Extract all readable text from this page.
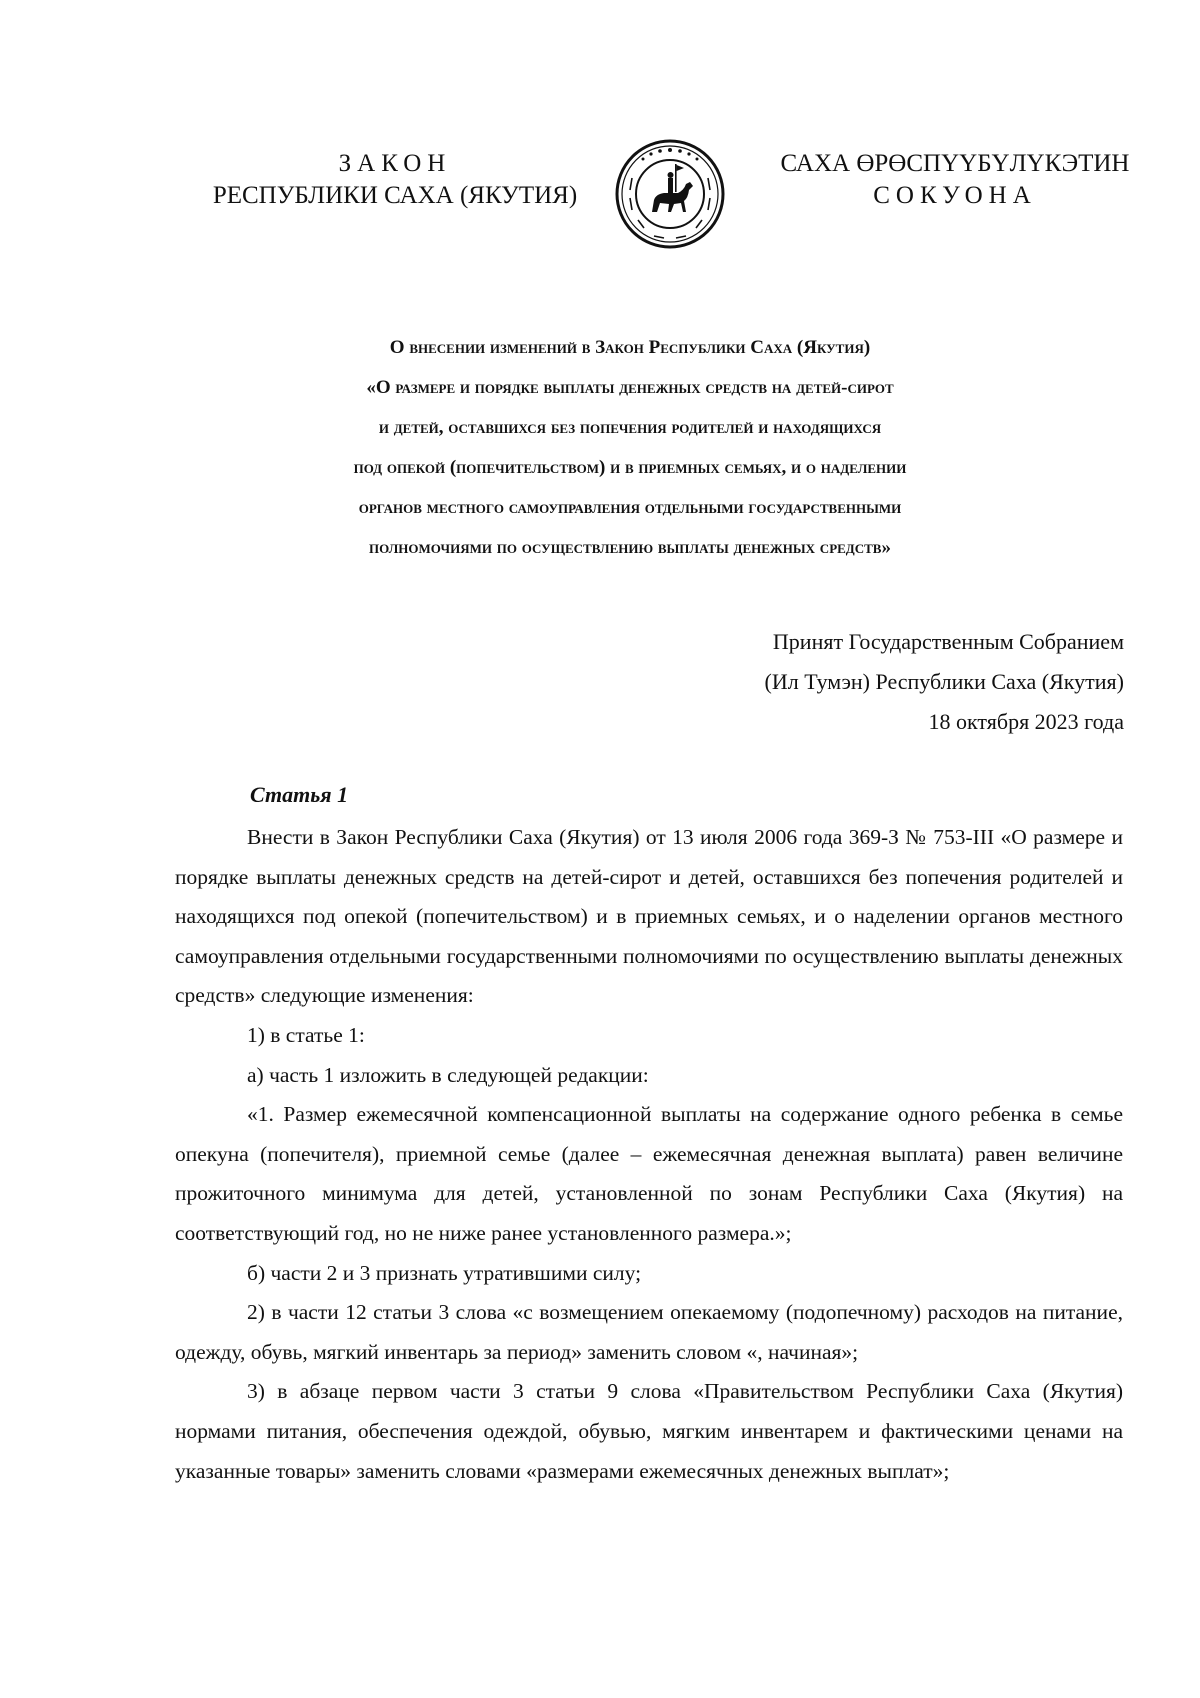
ЗАКОН
РЕСПУБЛИКИ САХА (ЯКУТИЯ)
САХА ӨРӨСПҮҮБҮЛҮКЭТИН
СОКУОНА
О внесении изменений в Закон Республики Саха (Якутия)
«О размере и порядке выплаты денежных средств на детей-сирот
и детей, оставшихся без попечения родителей и находящихся
под опекой (попечительством) и в приемных семьях, и о наделении
органов местного самоуправления отдельными государственными
полномочиями по осуществлению выплаты денежных средств»
Принят Государственным Собранием
(Ил Тумэн) Республики Саха (Якутия)
18 октября 2023 года
Статья 1

Внести в Закон Республики Саха (Якутия) от 13 июля 2006 года 369-З № 753-III «О размере и порядке выплаты денежных средств на детей-сирот и детей, оставшихся без попечения родителей и находящихся под опекой (попечительством) и в приемных семьях, и о наделении органов местного самоуправления отдельными государственными полномочиями по осуществлению выплаты денежных средств» следующие изменения:

1) в статье 1:

а) часть 1 изложить в следующей редакции:

«1. Размер ежемесячной компенсационной выплаты на содержание одного ребенка в семье опекуна (попечителя), приемной семье (далее – ежемесячная денежная выплата) равен величине прожиточного минимума для детей, установленной по зонам Республики Саха (Якутия) на соответствующий год, но не ниже ранее установленного размера.»;

б) части 2 и 3 признать утратившими силу;

2) в части 12 статьи 3 слова «с возмещением опекаемому (подопечному) расходов на питание, одежду, обувь, мягкий инвентарь за период» заменить словом «, начиная»;

3) в абзаце первом части 3 статьи 9 слова «Правительством Республики Саха (Якутия) нормами питания, обеспечения одеждой, обувью, мягким инвентарем и фактическими ценами на указанные товары» заменить словами «размерами ежемесячных денежных выплат»;
